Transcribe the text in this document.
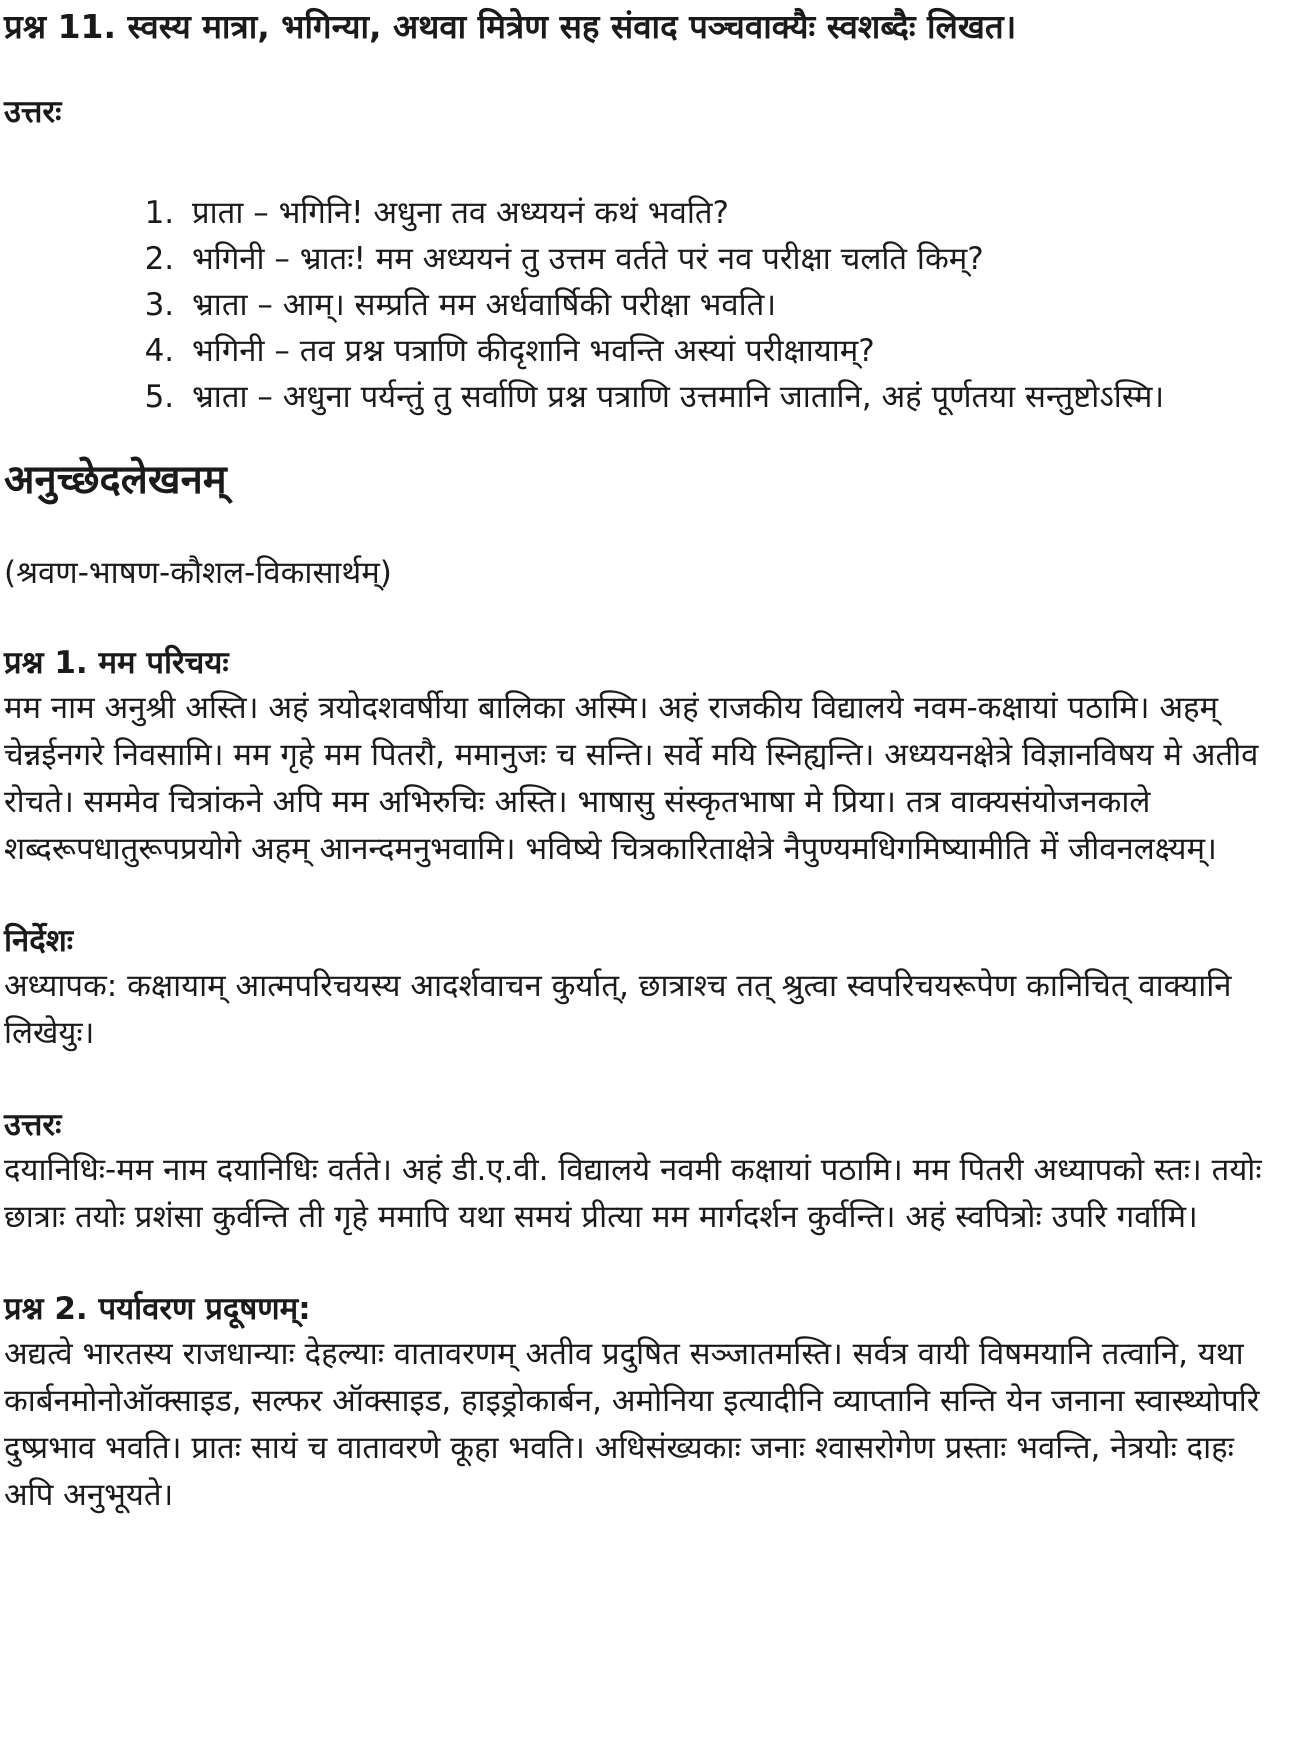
प्रश्न 11. स्वस्य मात्रा, भगिन्या, अथवा मित्रेण सह संवाद पञ्चवाक्यैः स्वशब्दैः लिखत।

उत्तरः

1. प्राता – भगिनि! अधुना तव अध्ययनं कथं भवति?
2. भगिनी – भ्रातः! मम अध्ययनं तु उत्तम वर्तते परं नव परीक्षा चलति किम्?
3. भ्राता – आम्। सम्प्रति मम अर्धवार्षिकी परीक्षा भवति।
4. भगिनी – तव प्रश्न पत्राणि कीदृशानि भवन्ति अस्यां परीक्षायाम्?
5. भ्राता – अधुना पर्यन्तुं तु सर्वाणि प्रश्न पत्राणि उत्तमानि जातानि, अहं पूर्णतया सन्तुष्टोऽस्मि।

अनुच्छेदलेखनम्

(श्रवण-भाषण-कौशल-विकासार्थम्)

प्रश्न 1. मम परिचयः

मम नाम अनुश्री अस्ति। अहं त्रयोदशवर्षीया बालिका अस्मि। अहं राजकीय विद्यालये नवम-कक्षायां पठामि। अहम् चेन्नईनगरे निवसामि। मम गृहे मम पितरौ, ममानुजः च सन्ति। सर्वे मयि स्निह्यन्ति। अध्ययनक्षेत्रे विज्ञानविषय मे अतीव रोचते। सममेव चित्रांकने अपि मम अभिरुचिः अस्ति। भाषासु संस्कृतभाषा मे प्रिया। तत्र वाक्यसंयोजनकाले शब्दरूपधातुरूपप्रयोगे अहम् आनन्दमनुभवामि। भविष्ये चित्रकारिताक्षेत्रे नैपुण्यमधिगमिष्यामीति में जीवनलक्ष्यम्।

निर्देशः

अध्यापक: कक्षायाम् आत्मपरिचयस्य आदर्शवाचन कुर्यात्, छात्राश्च तत् श्रुत्वा स्वपरिचयरूपेण कानिचित् वाक्यानि लिखेयुः।

उत्तरः

दयानिधिः-मम नाम दयानिधिः वर्तते। अहं डी.ए.वी. विद्यालये नवमी कक्षायां पठामि। मम पितरी अध्यापको स्तः। तयोः छात्राः तयोः प्रशंसा कुर्वन्ति ती गृहे ममापि यथा समयं प्रीत्या मम मार्गदर्शन कुर्वन्ति। अहं स्वपित्रोः उपरि गर्वामि।

प्रश्न 2. पर्यावरण प्रदूषणम्:

अद्यत्वे भारतस्य राजधान्याः देहल्याः वातावरणम् अतीव प्रदुषित सञ्जातमस्ति। सर्वत्र वायी विषमयानि तत्वानि, यथा कार्बनमोनोऑक्साइड, सल्फर ऑक्साइड, हाइड्रोकार्बन, अमोनिया इत्यादीनि व्याप्तानि सन्ति येन जनाना स्वास्थ्योपरि दुष्प्रभाव भवति। प्रातः सायं च वातावरणे कूहा भवति। अधिसंख्यकाः जनाः श्वासरोगेण प्रस्ताः भवन्ति, नेत्रयोः दाहः अपि अनुभूयते।
